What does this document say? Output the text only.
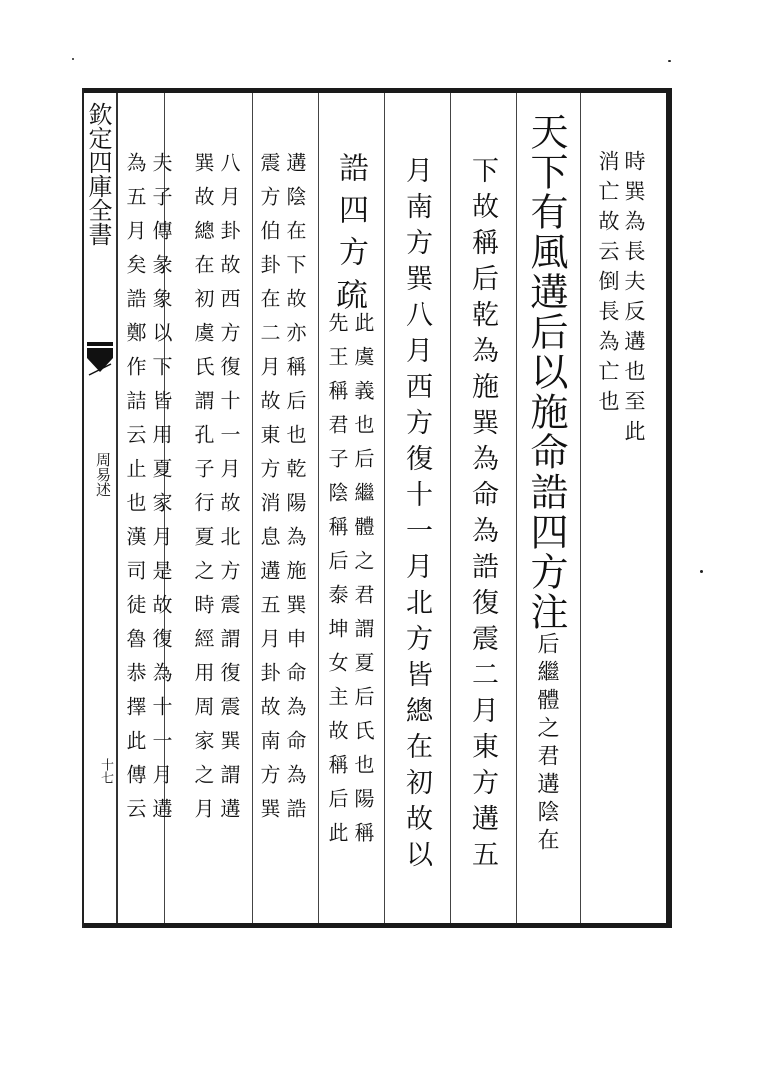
欽定四庫全書
周易述
十七
時巽為長夫反遘也至此
消亡故云倒長為亡也
天下有風遘后以施命誥四方注后繼體之君遘陰在
下故稱后乾為施巽為命為誥復震二月東方遘五
月南方巽八月西方復十一月北方皆總在初故以
誥四方疏
此虞義也后繼體之君謂夏后氏也陽稱
先王稱君子陰稱后泰坤女主故稱后此
遘陰在下故亦稱后也乾陽為施巽申命為命為誥
震方伯卦在二月故東方消息遘五月卦故南方巽
八月卦故西方復十一月故北方震謂復震巽謂遘
巽故總在初虞氏謂孔子行夏之時經用周家之月
夫子傳彖象以下皆用夏家月是故復為十一月遘
為五月矣誥鄭作詰云止也漢司徒魯恭擇此傳云
